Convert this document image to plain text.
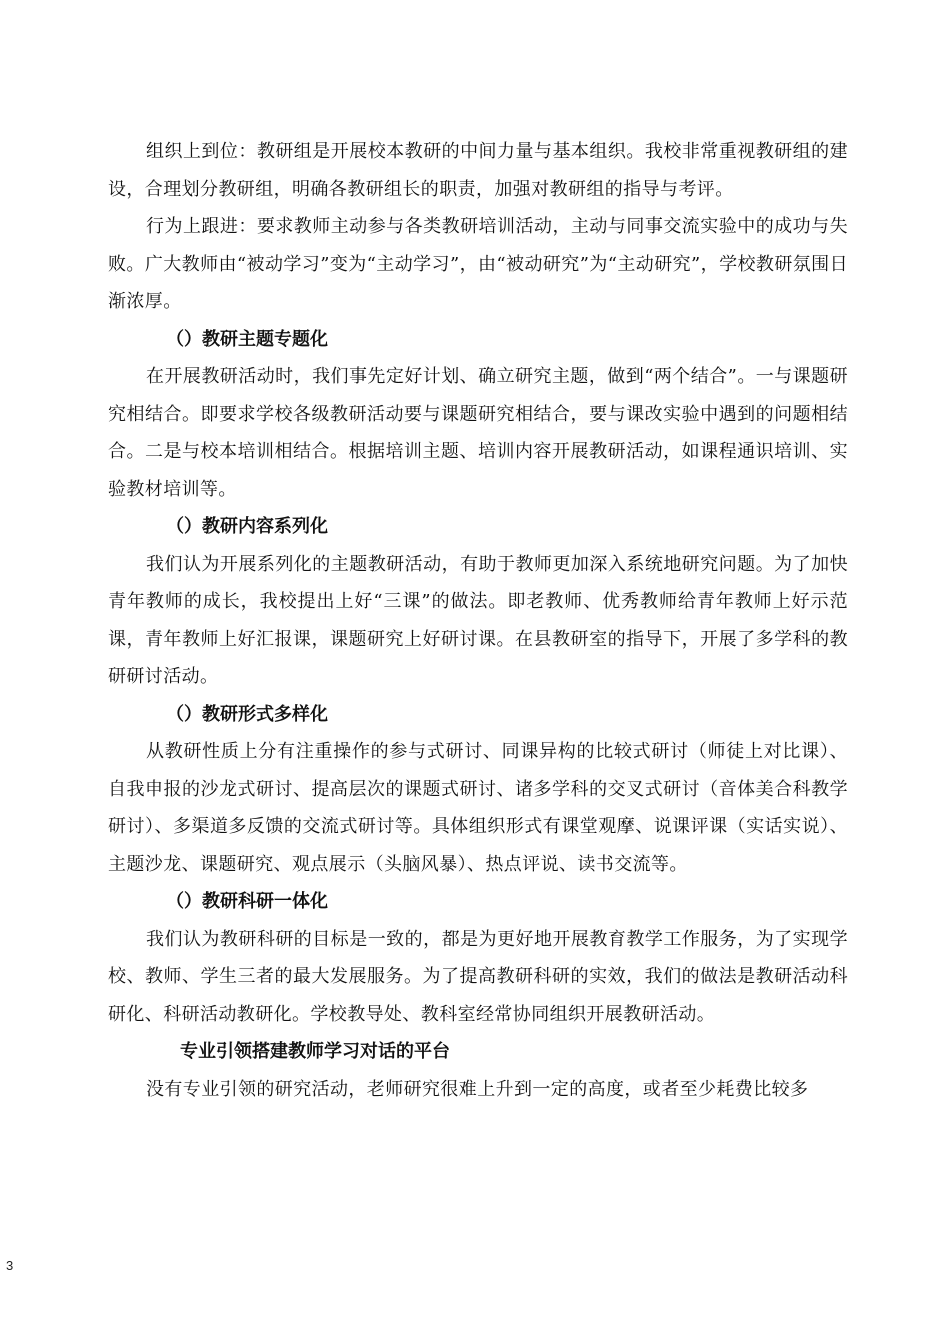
组织上到位：教研组是开展校本教研的中间力量与基本组织。我校非常重视教研组的建设，合理划分教研组，明确各教研组长的职责，加强对教研组的指导与考评。

行为上跟进：要求教师主动参与各类教研培训活动，主动与同事交流实验中的成功与失败。广大教师由“被动学习”变为“主动学习”，由“被动研究”为“主动研究”，学校教研氛围日渐浓厚。

（）教研主题专题化

在开展教研活动时，我们事先定好计划、确立研究主题，做到“两个结合”。一与课题研究相结合。即要求学校各级教研活动要与课题研究相结合，要与课改实验中遇到的问题相结合。二是与校本培训相结合。根据培训主题、培训内容开展教研活动，如课程通识培训、实验教材培训等。

（）教研内容系列化

我们认为开展系列化的主题教研活动，有助于教师更加深入系统地研究问题。为了加快青年教师的成长，我校提出上好“三课”的做法。即老教师、优秀教师给青年教师上好示范课，青年教师上好汇报课，课题研究上好研讨课。在县教研室的指导下，开展了多学科的教研研讨活动。

（）教研形式多样化

从教研性质上分有注重操作的参与式研讨、同课异构的比较式研讨（师徒上对比课）、自我申报的沙龙式研讨、提高层次的课题式研讨、诸多学科的交叉式研讨（音体美合科教学研讨）、多渠道多反馈的交流式研讨等。具体组织形式有课堂观摩、说课评课（实话实说）、主题沙龙、课题研究、观点展示（头脑风暴）、热点评说、读书交流等。

（）教研科研一体化

我们认为教研科研的目标是一致的，都是为更好地开展教育教学工作服务，为了实现学校、教师、学生三者的最大发展服务。为了提高教研科研的实效，我们的做法是教研活动科研化、科研活动教研化。学校教导处、教科室经常协同组织开展教研活动。

专业引领搭建教师学习对话的平台

没有专业引领的研究活动，老师研究很难上升到一定的高度，或者至少耗费比较多

3
